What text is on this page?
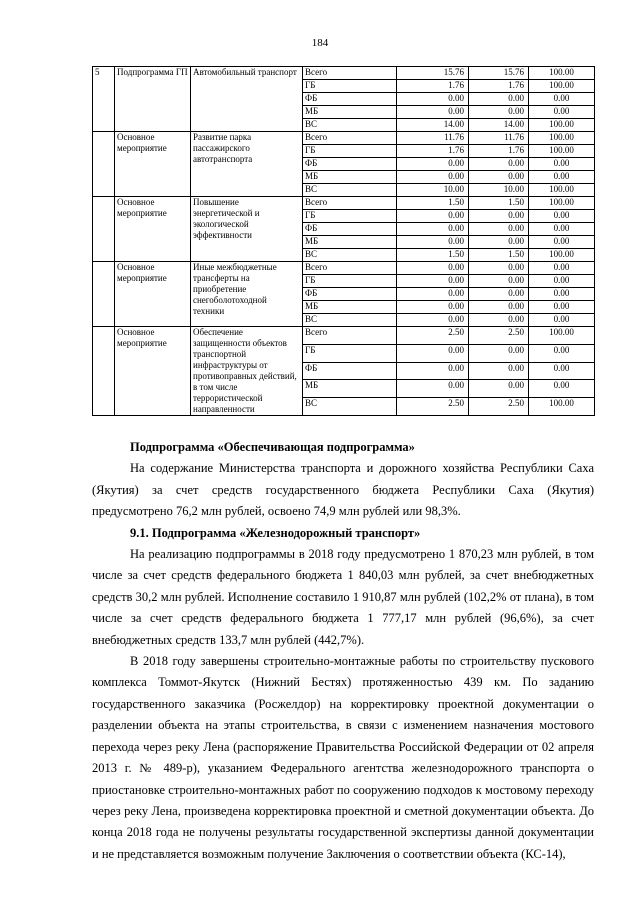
184
5	Подпрограмма ГП	Автомобильный транспорт	Всего	15.76	15.76	100.00
			ГБ	1.76	1.76	100.00
			ФБ	0.00	0.00	0.00
			МБ	0.00	0.00	0.00
			ВС	14.00	14.00	100.00
	Основное мероприятие	Развитие парка пассажирского автотранспорта	Всего	11.76	11.76	100.00
			ГБ	1.76	1.76	100.00
			ФБ	0.00	0.00	0.00
			МБ	0.00	0.00	0.00
			ВС	10.00	10.00	100.00
	Основное мероприятие	Повышение энергетической и экологической эффективности	Всего	1.50	1.50	100.00
			ГБ	0.00	0.00	0.00
			ФБ	0.00	0.00	0.00
			МБ	0.00	0.00	0.00
			ВС	1.50	1.50	100.00
	Основное мероприятие	Иные межбюджетные трансферты на приобретение снегоболотоходной техники	Всего	0.00	0.00	0.00
			ГБ	0.00	0.00	0.00
			ФБ	0.00	0.00	0.00
			МБ	0.00	0.00	0.00
			ВС	0.00	0.00	0.00
	Основное мероприятие	Обеспечение защищенности объектов транспортной инфраструктуры от противоправных действий, в том числе террористической направленности	Всего	2.50	2.50	100.00
			ГБ	0.00	0.00	0.00
			ФБ	0.00	0.00	0.00
			МБ	0.00	0.00	0.00
			ВС	2.50	2.50	100.00

Подпрограмма «Обеспечивающая подпрограмма»

На содержание Министерства транспорта и дорожного хозяйства Республики Саха (Якутия) за счет средств государственного бюджета Республики Саха (Якутия) предусмотрено 76,2 млн рублей, освоено 74,9 млн рублей или 98,3%.

9.1. Подпрограмма «Железнодорожный транспорт»

На реализацию подпрограммы в 2018 году предусмотрено 1 870,23 млн рублей, в том числе за счет средств федерального бюджета 1 840,03 млн рублей, за счет внебюджетных средств 30,2 млн рублей. Исполнение составило 1 910,87 млн рублей (102,2% от плана), в том числе за счет средств федерального бюджета 1 777,17 млн рублей (96,6%), за счет внебюджетных средств 133,7 млн рублей (442,7%).

В 2018 году завершены строительно-монтажные работы по строительству пускового комплекса Томмот-Якутск (Нижний Бестях) протяженностью 439 км. По заданию государственного заказчика (Росжелдор) на корректировку проектной документации о разделении объекта на этапы строительства, в связи с изменением назначения мостового перехода через реку Лена (распоряжение Правительства Российской Федерации от 02 апреля 2013 г. № 489-р), указанием Федерального агентства железнодорожного транспорта о приостановке строительно-монтажных работ по сооружению подходов к мостовому переходу через реку Лена, произведена корректировка проектной и сметной документации объекта. До конца 2018 года не получены результаты государственной экспертизы данной документации и не представляется возможным получение Заключения о соответствии объекта (КС-14),
